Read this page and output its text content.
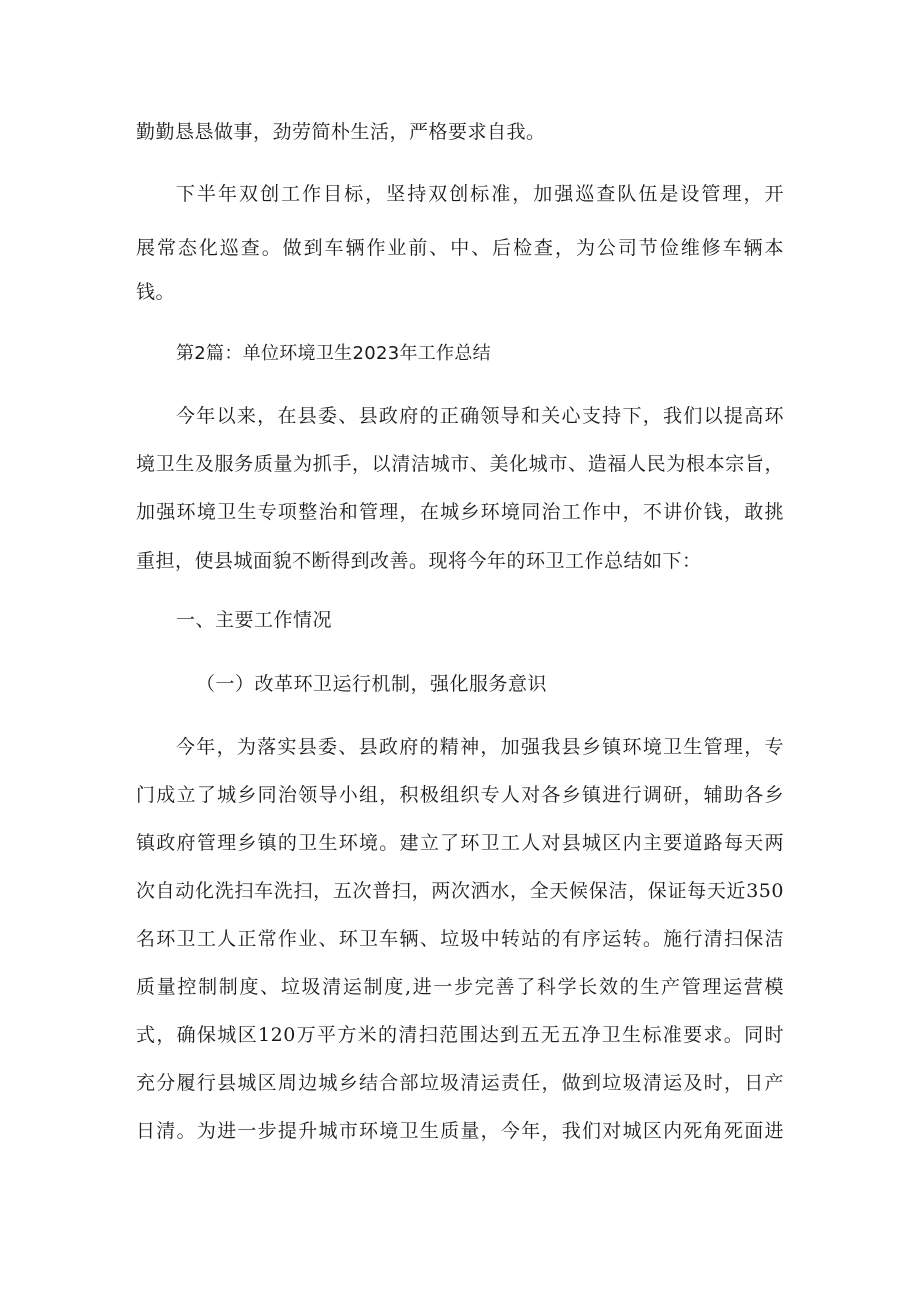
勤勤恳恳做事，劲劳简朴生活，严格要求自我。
下半年双创工作目标，坚持双创标准，加强巡查队伍是设管理，开
展常态化巡查。做到车辆作业前、中、后检查，为公司节俭维修车辆本
钱。
第2篇：单位环境卫生2023年工作总结
今年以来，在县委、县政府的正确领导和关心支持下，我们以提高环
境卫生及服务质量为抓手，以清洁城市、美化城市、造福人民为根本宗旨，
加强环境卫生专项整治和管理，在城乡环境同治工作中，不讲价钱，敢挑
重担，使县城面貌不断得到改善。现将今年的环卫工作总结如下：
一、主要工作情况
（一）改革环卫运行机制，强化服务意识
今年，为落实县委、县政府的精神，加强我县乡镇环境卫生管理，专
门成立了城乡同治领导小组，积极组织专人对各乡镇进行调研，辅助各乡
镇政府管理乡镇的卫生环境。建立了环卫工人对县城区内主要道路每天两
次自动化洗扫车洗扫，五次普扫，两次洒水，全天候保洁，保证每天近350
名环卫工人正常作业、环卫车辆、垃圾中转站的有序运转。施行清扫保洁
质量控制制度、垃圾清运制度,进一步完善了科学长效的生产管理运营模
式，确保城区120万平方米的清扫范围达到五无五净卫生标准要求。同时
充分履行县城区周边城乡结合部垃圾清运责任，做到垃圾清运及时，日产
日清。为进一步提升城市环境卫生质量，今年，我们对城区内死角死面进
